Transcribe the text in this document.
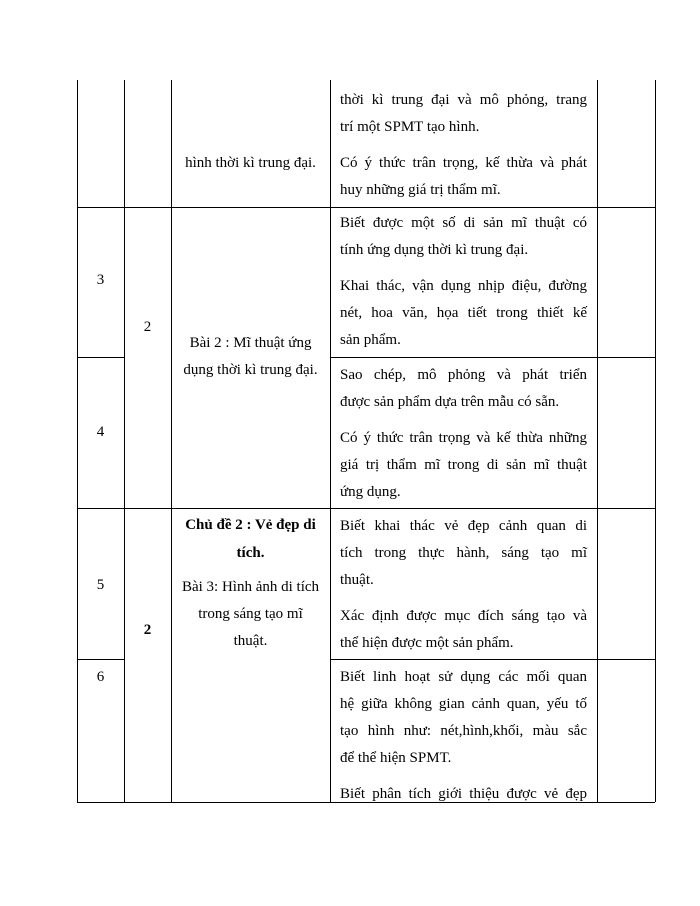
hình thời kì trung đại.
thời kì trung đại và mô phỏng, trang
trí một SPMT tạo hình.
Có ý thức trân trọng, kế thừa và phát
huy những giá trị thẩm mĩ.
3
2
Bài 2 : Mĩ thuật ứng
dụng thời kì trung đại.
Biết được một số di sản mĩ thuật có
tính ứng dụng thời kì trung đại.
Khai thác, vận dụng nhịp điệu, đường
nét, hoa văn, họa tiết trong thiết kế
sản phẩm.
4
Sao chép, mô phỏng và phát triển
được sản phẩm dựa trên mẫu có sẵn.
Có ý thức trân trọng và kế thừa những
giá trị thẩm mĩ trong di sản mĩ thuật
ứng dụng.
5
2
Chủ đề 2 : Vẻ đẹp di
tích.
Bài 3: Hình ảnh di tích
trong sáng tạo mĩ
thuật.
Biết khai thác vẻ đẹp cảnh quan di
tích trong thực hành, sáng tạo mĩ
thuật.
Xác định được mục đích sáng tạo và
thể hiện được một sản phẩm.
6	Biết linh hoạt sử dụng các mối quan
hệ giữa không gian cảnh quan, yếu tố
tạo hình như: nét,hình,khối, màu sắc
để thể hiện SPMT.
Biết phân tích giới thiệu được vẻ đẹp
